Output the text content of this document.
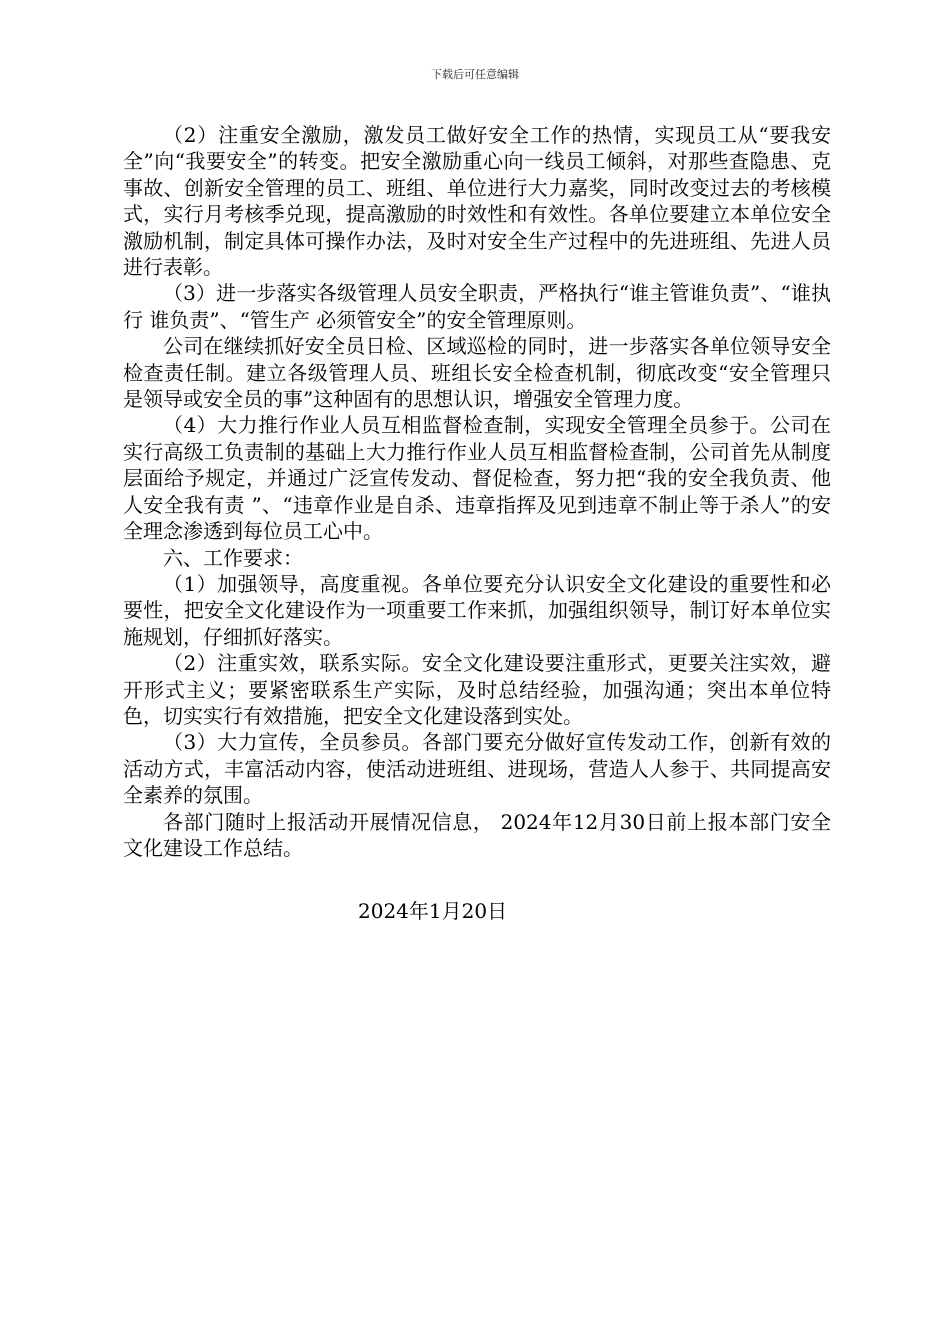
下载后可任意编辑

（2）注重安全激励，激发员工做好安全工作的热情，实现员工从“要我安全”向“我要安全”的转变。把安全激励重心向一线员工倾斜，对那些查隐患、克事故、创新安全管理的员工、班组、单位进行大力嘉奖，同时改变过去的考核模式，实行月考核季兑现，提高激励的时效性和有效性。各单位要建立本单位安全激励机制，制定具体可操作办法，及时对安全生产过程中的先进班组、先进人员进行表彰。

（3）进一步落实各级管理人员安全职责，严格执行“谁主管谁负责”、“谁执行 谁负责”、“管生产 必须管安全”的安全管理原则。

公司在继续抓好安全员日检、区域巡检的同时，进一步落实各单位领导安全检查责任制。建立各级管理人员、班组长安全检查机制，彻底改变“安全管理只是领导或安全员的事”这种固有的思想认识，增强安全管理力度。

（4）大力推行作业人员互相监督检查制，实现安全管理全员参于。公司在实行高级工负责制的基础上大力推行作业人员互相监督检查制，公司首先从制度层面给予规定，并通过广泛宣传发动、督促检查，努力把“我的安全我负责、他人安全我有责 ”、“违章作业是自杀、违章指挥及见到违章不制止等于杀人”的安全理念渗透到每位员工心中。

六、工作要求：

（1）加强领导，高度重视。各单位要充分认识安全文化建设的重要性和必要性，把安全文化建设作为一项重要工作来抓，加强组织领导，制订好本单位实施规划，仔细抓好落实。

（2）注重实效，联系实际。安全文化建设要注重形式，更要关注实效，避开形式主义；要紧密联系生产实际，及时总结经验，加强沟通；突出本单位特色，切实实行有效措施，把安全文化建设落到实处。

（3）大力宣传，全员参员。各部门要充分做好宣传发动工作，创新有效的活动方式，丰富活动内容，使活动进班组、进现场，营造人人参于、共同提高安全素养的氛围。

各部门随时上报活动开展情况信息， 2024年12月30日前上报本部门安全文化建设工作总结。

2024年1月20日
